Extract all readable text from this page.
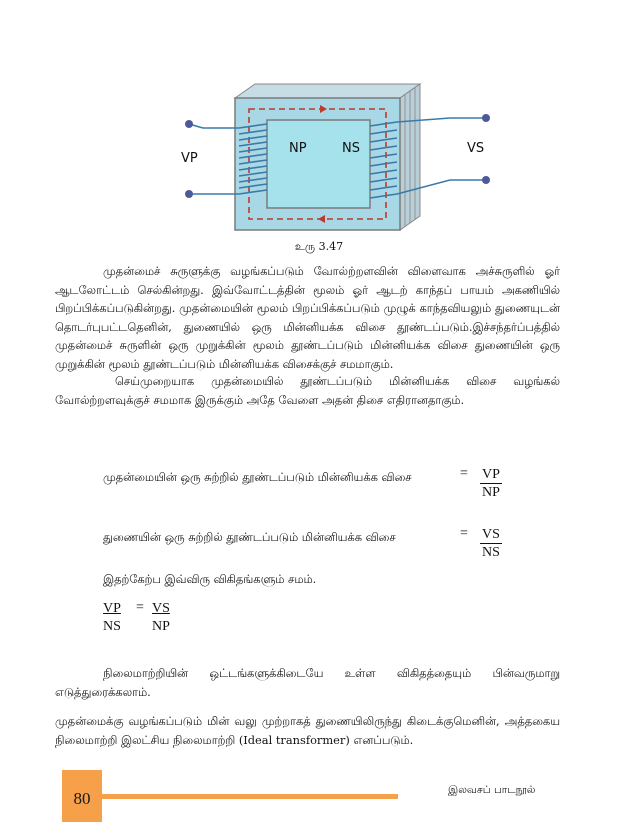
VP
NP	NS	VS
உரு 3.47

முதன்மைச் சுருளுக்கு வழங்கப்படும் வோல்ற்றளவின் விளைவாக அச்சுருளில் ஓர் ஆடலோட்டம் செல்கின்றது. இவ்வோட்டத்தின் மூலம் ஓர் ஆடற் காந்தப் பாயம் அகணியில் பிறப்பிக்கப்படுகின்றது. முதன்மையின் மூலம் பிறப்பிக்கப்படும் முழுக் காந்தவியலும் துணையுடன் தொடர்புபட்டதெனின், துணையில் ஒரு மின்னியக்க விசை தூண்டப்படும்.இச்சந்தர்ப்பத்தில் முதன்மைச் சுருளின் ஒரு முறுக்கின் மூலம் தூண்டப்படும் மின்னியக்க விசை துணையின் ஒரு முறுக்கின் மூலம் தூண்டப்படும் மின்னியக்க விசைக்குச் சமமாகும்.

செய்முறையாக முதன்மையில் தூண்டப்படும் மின்னியக்க விசை வழங்கல் வோல்ற்றளவுக்குச் சமமாக இருக்கும் அதே வேளை அதன் திசை எதிரானதாகும்.

முதன்மையின் ஒரு சுற்றில் தூண்டப்படும் மின்னியக்க விசை	= $\frac{VP}{NP}$
துணையின் ஒரு சுற்றில் தூண்டப்படும் மின்னியக்க விசை	= $\frac{VS}{NS}$
இதற்கேற்ப இவ்விரு விகிதங்களும் சமம்.
$\frac{VP}{NS} = \frac{VS}{NP}$

நிலைமாற்றியின் ஒட்டங்களுக்கிடையே உள்ள விகிதத்தையும் பின்வருமாறு எடுத்துரைக்கலாம்.

முதன்மைக்கு வழங்கப்படும் மின் வலு முற்றாகத் துணையிலிருந்து கிடைக்குமெனின், அத்தகைய நிலைமாற்றி இலட்சிய நிலைமாற்றி (Ideal transformer) எனப்படும்.

80	இலவசப் பாடநூல்
